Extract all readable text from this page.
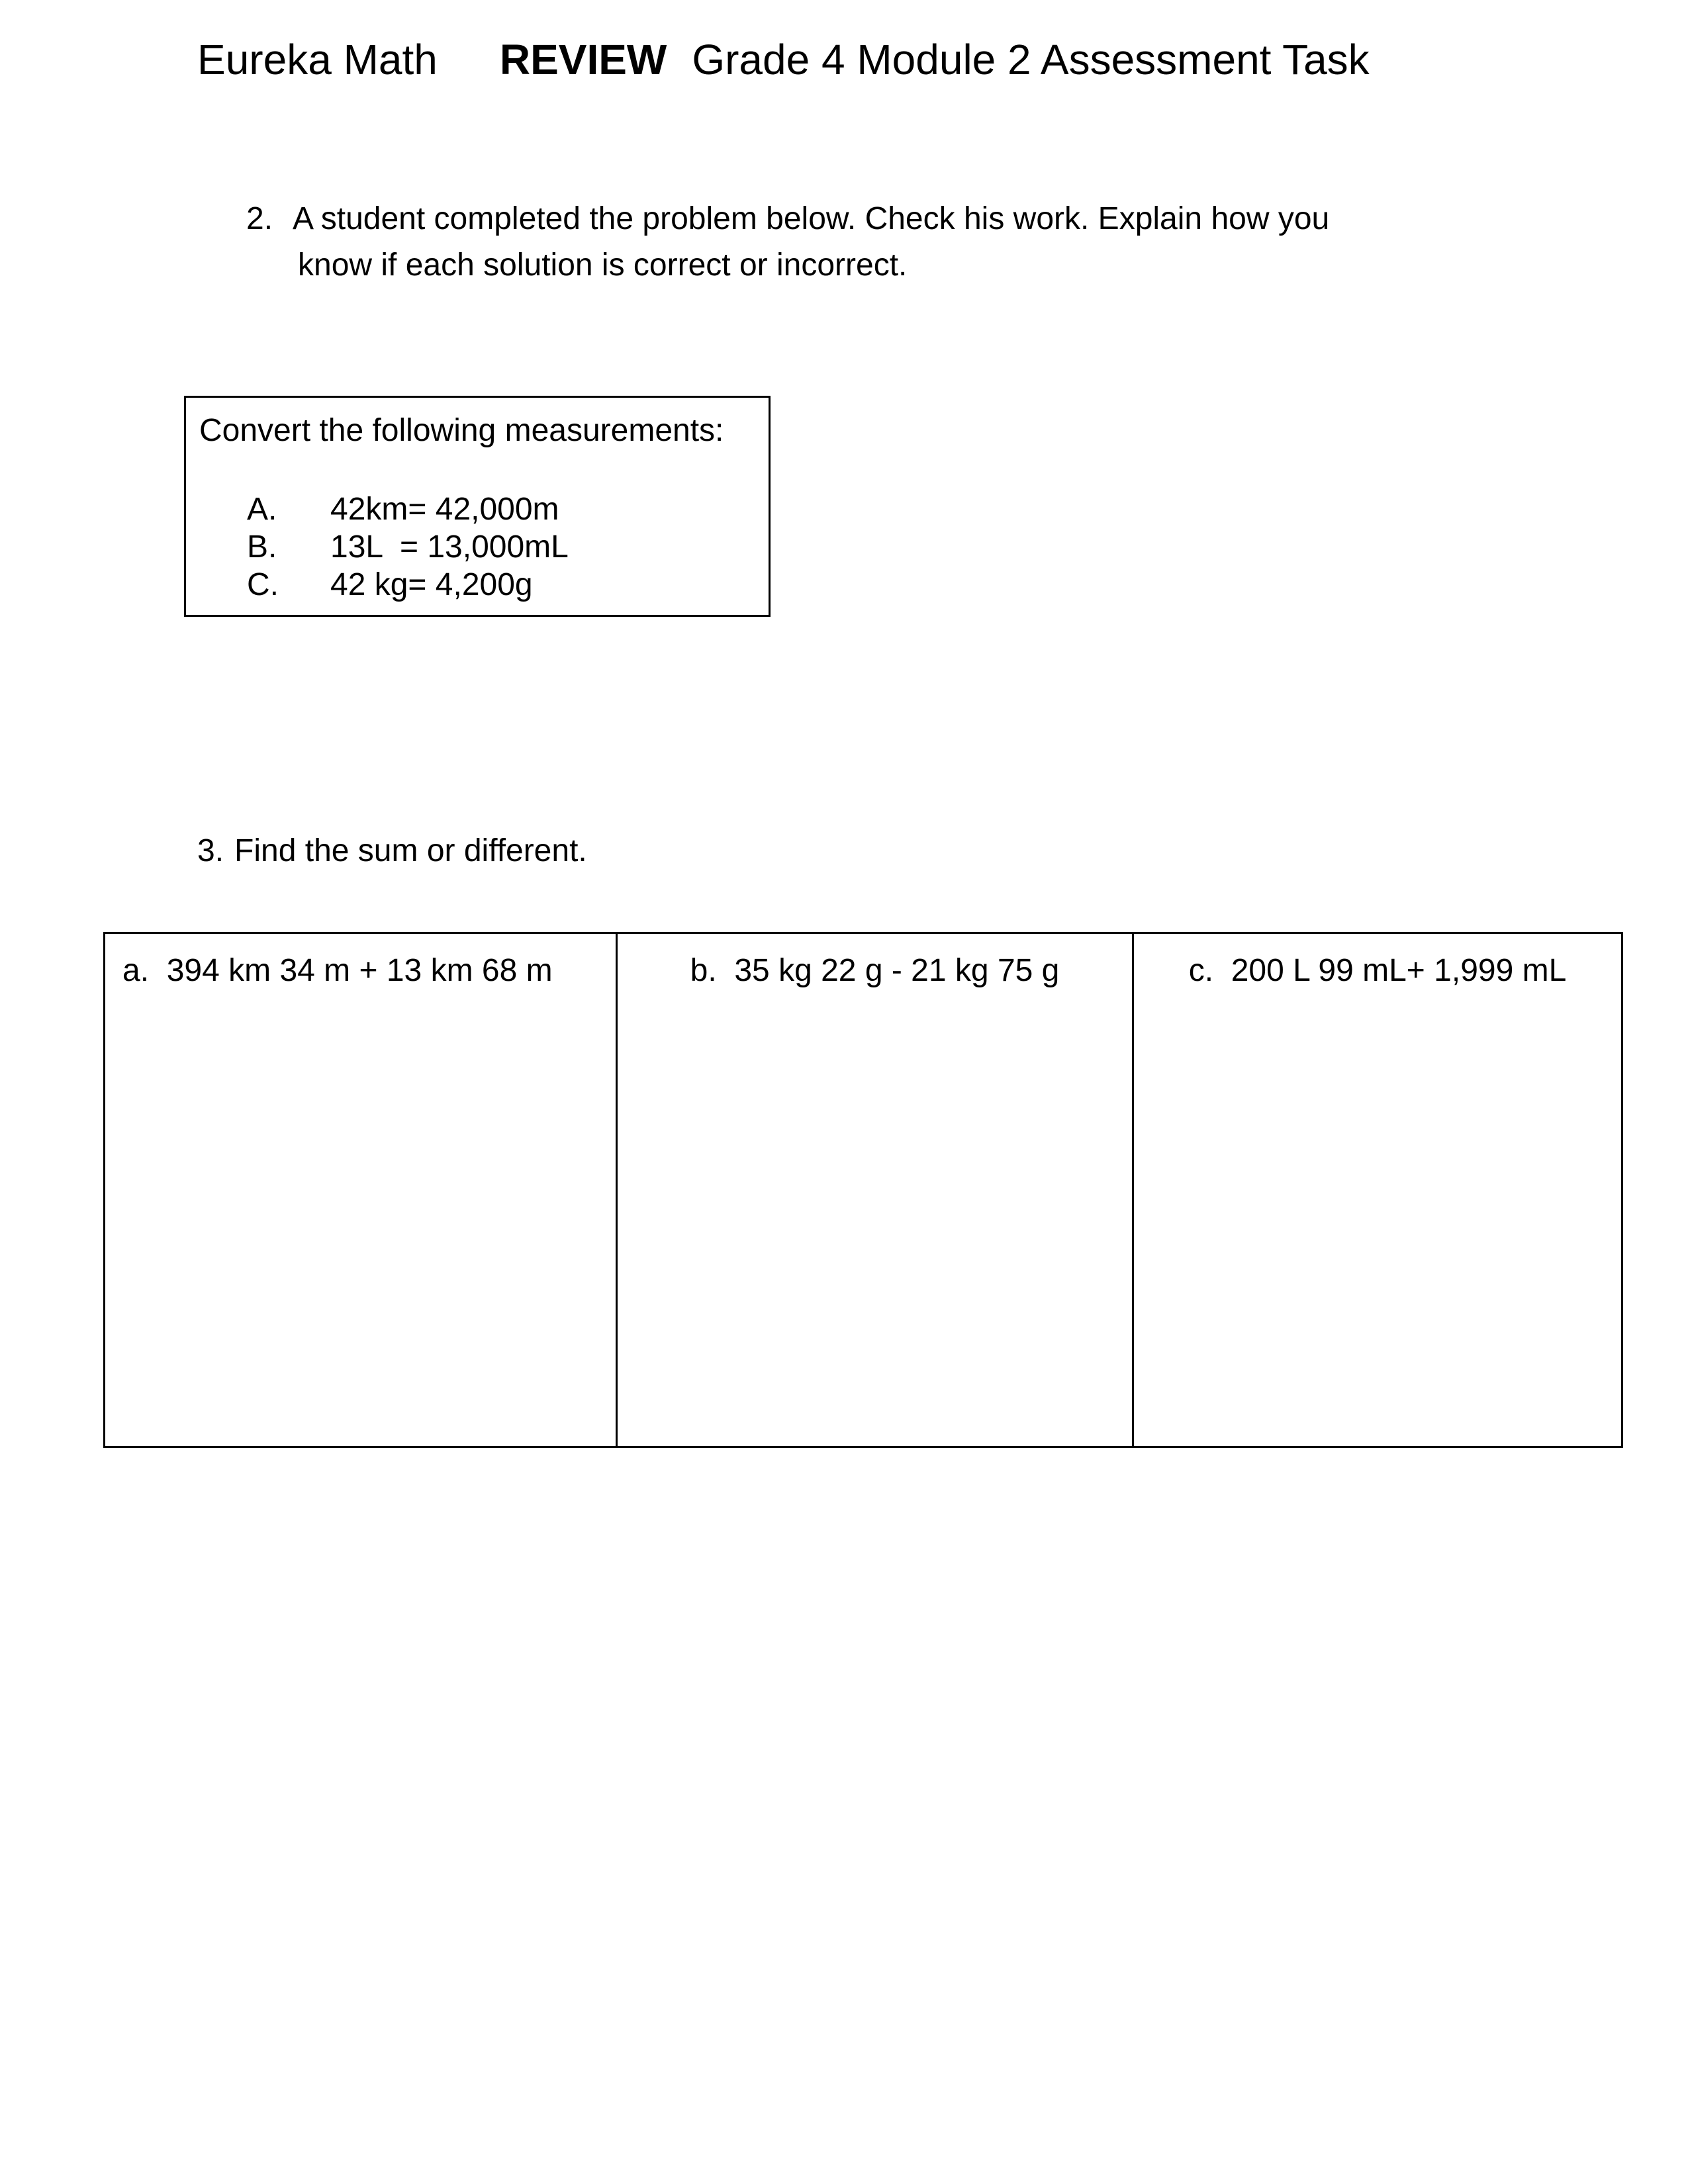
Eureka Math REVIEW Grade 4 Module 2 Assessment Task
2. A student completed the problem below. Check his work. Explain how you
know if each solution is correct or incorrect.
Convert the following measurements:
A.	42km= 42,000m
B.	13L  = 13,000mL
C.	42 kg= 4,200g
3. Find the sum or different.
a. 394 km 34 m + 13 km 68 m	b. 35 kg 22 g - 21 kg 75 g	c. 200 L 99 mL+ 1,999 mL
